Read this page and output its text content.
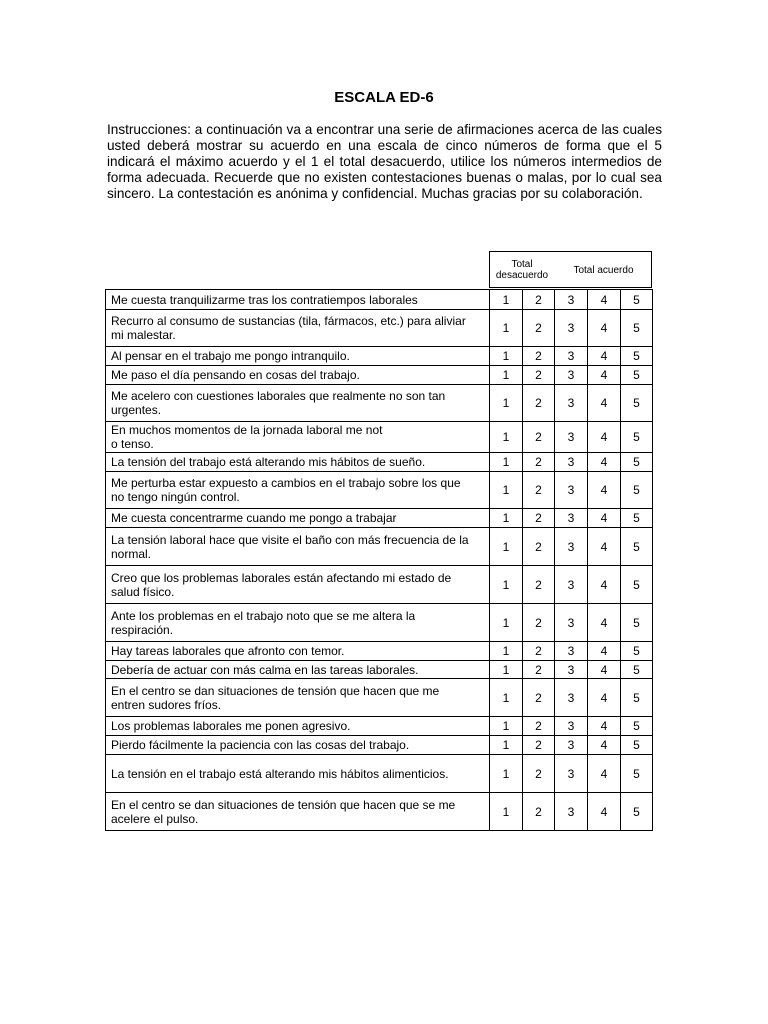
ESCALA ED-6
Instrucciones: a continuación va a encontrar una serie de afirmaciones acerca de las cuales usted deberá mostrar su acuerdo en una escala de cinco números de forma que el 5 indicará el máximo acuerdo y el 1 el total desacuerdo, utilice los números intermedios de forma adecuada. Recuerde que no existen contestaciones buenas o malas, por lo cual sea sincero. La contestación es anónima y confidencial. Muchas gracias por su colaboración.
Total
desacuerdo	Total acuerdo
Me cuesta tranquilizarme tras los contratiempos laborales	1	2	3	4	5
Recurro al consumo de sustancias (tila, fármacos, etc.) para aliviar
mi malestar.	1	2	3	4	5
Al pensar en el trabajo me pongo intranquilo.	1	2	3	4	5
Me paso el día pensando en cosas del trabajo.	1	2	3	4	5
Me acelero con cuestiones laborales que realmente no son tan
urgentes.	1	2	3	4	5
En muchos momentos de la jornada laboral me not
o tenso.	1	2	3	4	5
La tensión del trabajo está alterando mis hábitos de sueño.	1	2	3	4	5
Me perturba estar expuesto a cambios en el trabajo sobre los que
no tengo ningún control.	1	2	3	4	5
Me cuesta concentrarme cuando me pongo a trabajar	1	2	3	4	5
La tensión laboral hace que visite el baño con más frecuencia de la
normal.	1	2	3	4	5
Creo que los problemas laborales están afectando mi estado de
salud físico.	1	2	3	4	5
Ante los problemas en el trabajo noto que se me altera la
respiración.	1	2	3	4	5
Hay tareas laborales que afronto con temor.	1	2	3	4	5
Debería de actuar con más calma en las tareas laborales.	1	2	3	4	5
En el centro se dan situaciones de tensión que hacen que me
entren sudores fríos.	1	2	3	4	5
Los problemas laborales me ponen agresivo.	1	2	3	4	5
Pierdo fácilmente la paciencia con las cosas del trabajo.	1	2	3	4	5
La tensión en el trabajo está alterando mis hábitos alimenticios.	1	2	3	4	5
En el centro se dan situaciones de tensión que hacen que se me
acelere el pulso.	1	2	3	4	5
